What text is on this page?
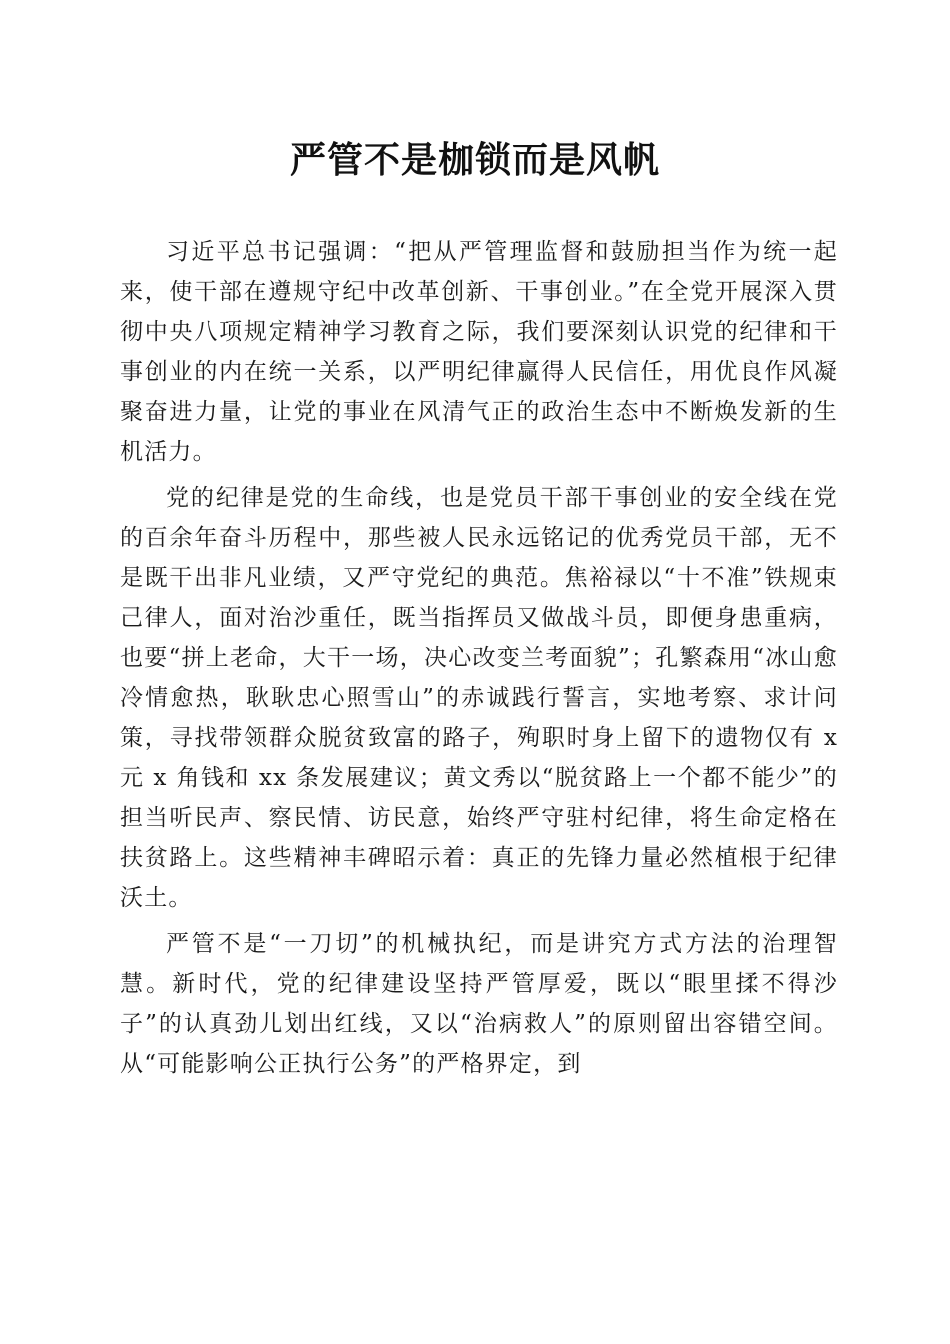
严管不是枷锁而是风帆

习近平总书记强调：“把从严管理监督和鼓励担当作为统一起来，使干部在遵规守纪中改革创新、干事创业。”在全党开展深入贯彻中央八项规定精神学习教育之际，我们要深刻认识党的纪律和干事创业的内在统一关系，以严明纪律赢得人民信任，用优良作风凝聚奋进力量，让党的事业在风清气正的政治生态中不断焕发新的生机活力。

党的纪律是党的生命线，也是党员干部干事创业的安全线在党的百余年奋斗历程中，那些被人民永远铭记的优秀党员干部，无不是既干出非凡业绩，又严守党纪的典范。焦裕禄以“十不准”铁规束己律人，面对治沙重任，既当指挥员又做战斗员，即便身患重病，也要“拼上老命，大干一场，决心改变兰考面貌”；孔繁森用“冰山愈冷情愈热，耿耿忠心照雪山”的赤诚践行誓言，实地考察、求计问策，寻找带领群众脱贫致富的路子，殉职时身上留下的遗物仅有 x 元 x 角钱和 xx 条发展建议；黄文秀以“脱贫路上一个都不能少”的担当听民声、察民情、访民意，始终严守驻村纪律，将生命定格在扶贫路上。这些精神丰碑昭示着：真正的先锋力量必然植根于纪律沃土。

严管不是“一刀切”的机械执纪，而是讲究方式方法的治理智慧。新时代，党的纪律建设坚持严管厚爱，既以“眼里揉不得沙子”的认真劲儿划出红线，又以“治病救人”的原则留出容错空间。从“可能影响公正执行公务”的严格界定，到
